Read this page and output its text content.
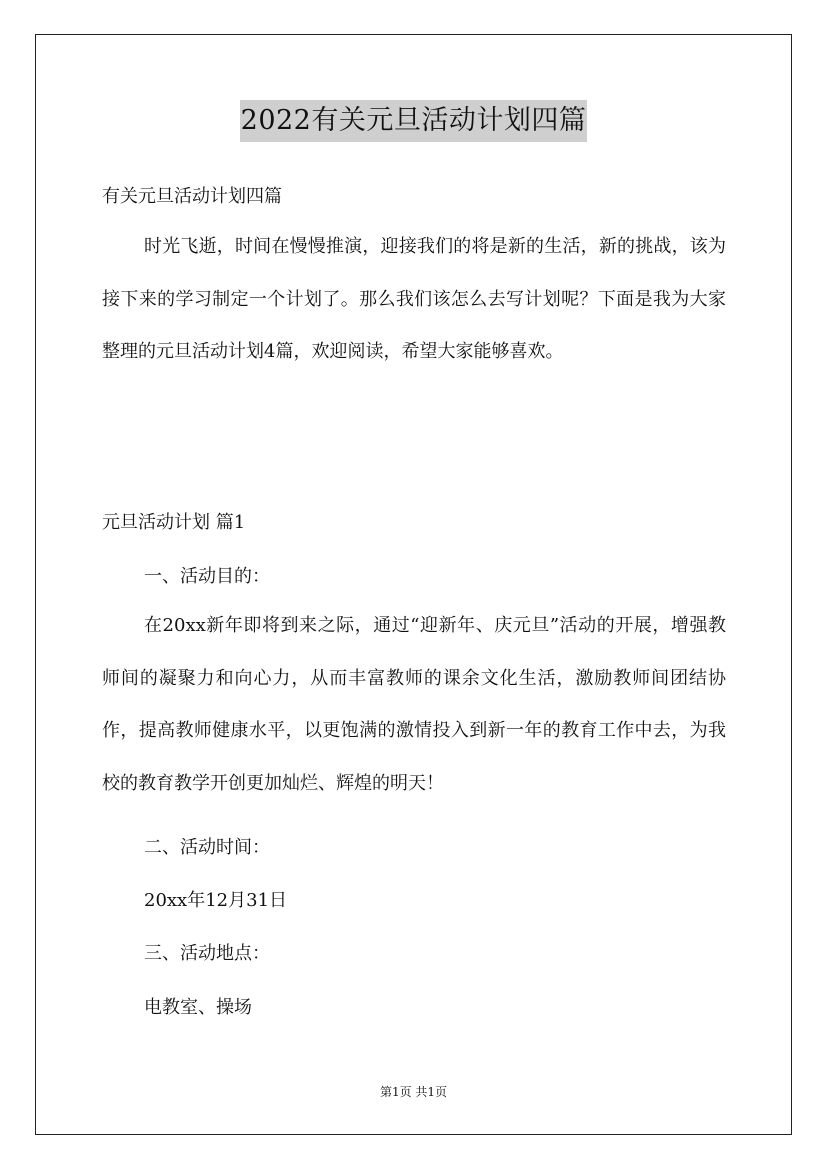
2022有关元旦活动计划四篇

有关元旦活动计划四篇

时光飞逝，时间在慢慢推演，迎接我们的将是新的生活，新的挑战，该为接下来的学习制定一个计划了。那么我们该怎么去写计划呢？下面是我为大家整理的元旦活动计划4篇，欢迎阅读，希望大家能够喜欢。

元旦活动计划 篇1

一、活动目的：

在20xx新年即将到来之际，通过“迎新年、庆元旦”活动的开展，增强教师间的凝聚力和向心力，从而丰富教师的课余文化生活，激励教师间团结协作，提高教师健康水平，以更饱满的激情投入到新一年的教育工作中去，为我校的教育教学开创更加灿烂、辉煌的明天！

二、活动时间：

20xx年12月31日

三、活动地点：

电教室、操场

第1页 共1页
